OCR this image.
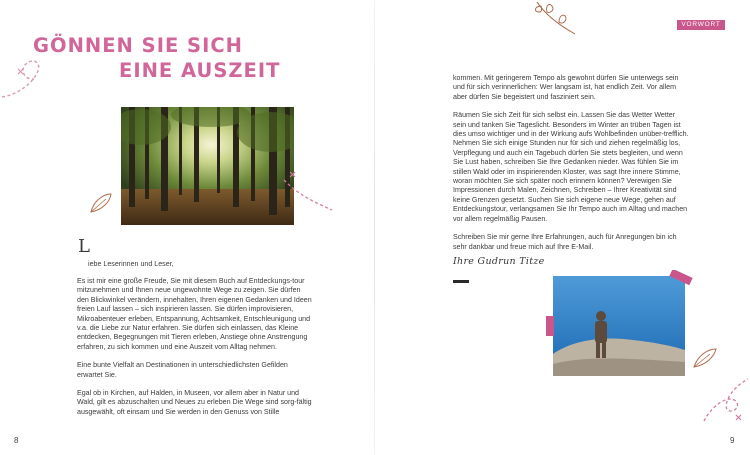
GÖNNEN SIE SICH
EINE AUSZEIT
L
iebe Leserinnen und Leser,

Es ist mir eine große Freude, Sie mit diesem Buch auf Entdeckungs-tour mitzunehmen und Ihnen neue ungewohnte Wege zu zeigen. Sie dürfen den Blickwinkel verändern, innehalten, Ihren eigenen Gedanken und Ideen freien Lauf lassen – sich inspirieren lassen. Sie dürfen improvisieren, Mikroabenteuer erleben, Entspannung, Achtsamkeit, Entschleunigung und v.a. die Liebe zur Natur erfahren. Sie dürfen sich einlassen, das Kleine entdecken, Begegnungen mit Tieren erleben, Anstiege ohne Anstrengung erfahren, zu sich kommen und eine Auszeit vom Alltag nehmen.

Eine bunte Vielfalt an Destinationen in unterschiedlichsten Gefilden erwartet Sie.

Egal ob in Kirchen, auf Halden, in Museen, vor allem aber in Natur und Wald, gilt es abzuschalten und Neues zu erleben Die Wege sind sorg-fältig ausgewählt, oft einsam und Sie werden in den Genuss von Stille

8
VORWORT

kommen. Mit geringerem Tempo als gewohnt dürfen Sie unterwegs sein und für sich verinnerlichen: Wer langsam ist, hat endlich Zeit. Vor allem aber dürfen Sie begeistert und fasziniert sein.

Räumen Sie sich Zeit für sich selbst ein. Lassen Sie das Wetter Wetter sein und tanken Sie Tageslicht. Besonders im Winter an trüben Tagen ist dies umso wichtiger und in der Wirkung aufs Wohlbefinden unüber-trefflich. Nehmen Sie sich einige Stunden nur für sich und ziehen regelmäßig los, Verpflegung und auch ein Tagebuch dürfen Sie stets begleiten, und wenn Sie Lust haben, schreiben Sie Ihre Gedanken nieder. Was fühlen Sie im stillen Wald oder im inspirierenden Kloster, was sagt Ihre innere Stimme, woran möchten Sie sich später noch erinnern können? Verewigen Sie Impressionen durch Malen, Zeichnen, Schreiben – Ihrer Kreativität sind keine Grenzen gesetzt. Suchen Sie sich eigene neue Wege, gehen auf Entdeckungstour, verlangsamen Sie Ihr Tempo auch im Alltag und machen vor allem regelmäßig Pausen.

Schreiben Sie mir gerne Ihre Erfahrungen, auch für Anregungen bin ich sehr dankbar und freue mich auf Ihre E-Mail.

Ihre Gudrun Titze
9
